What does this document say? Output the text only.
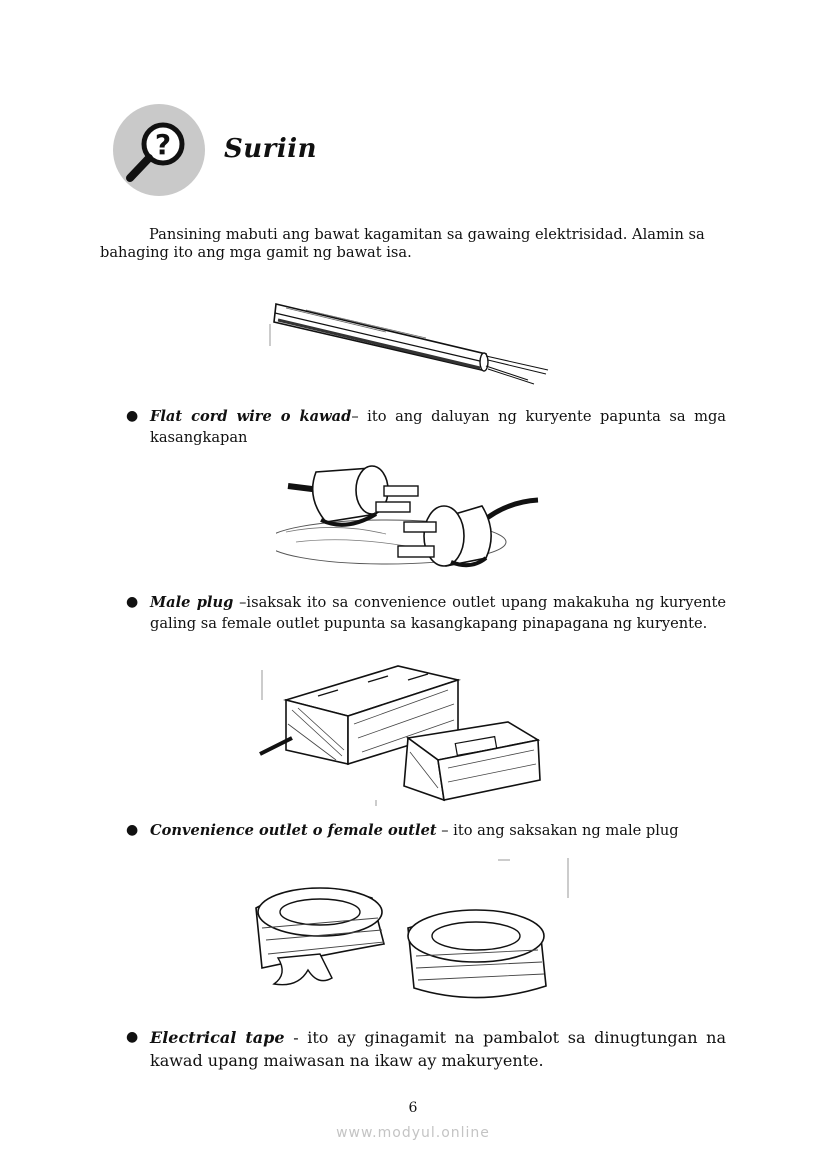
? Suriin
Pansining mabuti ang bawat kagamitan sa gawaing elektrisidad. Alamin sa bahaging ito ang mga gamit ng bawat isa.
● Flat cord wire o kawad– ito ang daluyan ng kuryente papunta sa mga kasangkapan
● Male plug –isaksak ito sa convenience outlet upang makakuha ng kuryente galing sa female outlet pupunta sa kasangkapang pinapagana ng kuryente.
● Convenience outlet o female outlet – ito ang saksakan ng male plug
● Electrical tape - ito ay ginagamit na pambalot sa dinugtungan na kawad upang maiwasan na ikaw ay makuryente.
6
www.modyul.online
